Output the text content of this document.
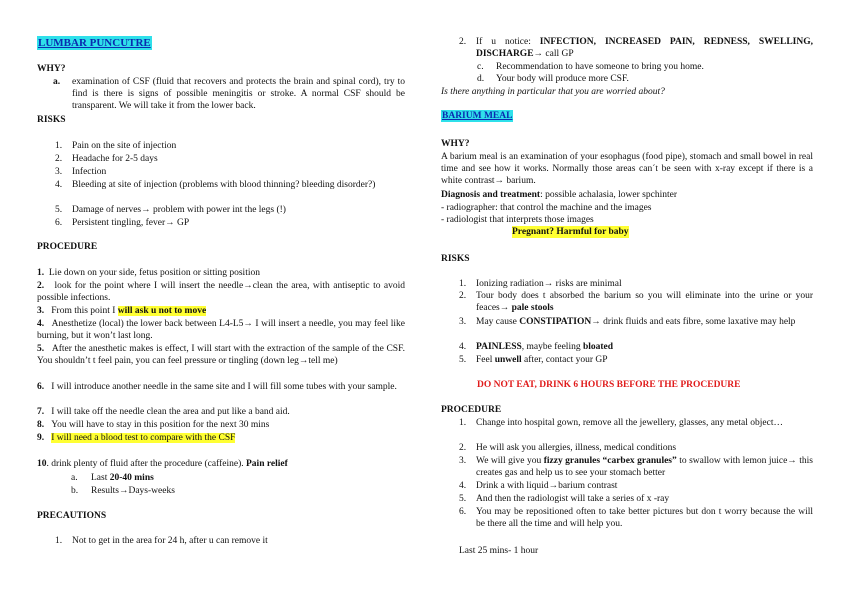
LUMBAR PUNCUTRE
WHY?
a.	examination of CSF (fluid that recovers and protects the brain and spinal cord), try to find is there is signs of possible meningitis or stroke. A normal CSF should be transparent. We will take it from the lower back.
RISKS
1.	Pain on the site of injection
2.	Headache for 2-5 days
3.	Infection
4.	Bleeding at site of injection (problems with blood thinning? bleeding disorder?)
5.	Damage of nerves→ problem with power int the legs (!)
6.	Persistent tingling, fever→ GP
PROCEDURE
1. Lie down on your side, fetus position or sitting position
2. look for the point where I will insert the needle→clean the area, with antiseptic to avoid possible infections.
3. From this point I will ask u not to move
4. Anesthetize (local) the lower back between L4-L5→ I will insert a needle, you may feel like burning, but it won’t last long.
5. After the anesthetic makes is effect, I will start with the extraction of the sample of the CSF. You shouldn’t t feel pain, you can feel pressure or tingling (down leg→tell me)
6. I will introduce another needle in the same site and I will fill some tubes with your sample.
7. I will take off the needle clean the area and put like a band aid.
8. You will have to stay in this position for the next 30 mins
9. I will need a blood test to compare with the CSF
10. drink plenty of fluid after the procedure (caffeine). Pain relief
a.	Last 20-40 mins
b.	Results→Days-weeks
PRECAUTIONS
1.	Not to get in the area for 24 h, after u can remove it
2.	If u notice: INFECTION, INCREASED PAIN, REDNESS, SWELLING, DISCHARGE→ call GP
c.	Recommendation to have someone to bring you home.
d.	Your body will produce more CSF.
Is there anything in particular that you are worried about?
BARIUM MEAL
WHY?
A barium meal is an examination of your esophagus (food pipe), stomach and small bowel in real time and see how it works. Normally those areas can´t be seen with x-ray except if there is a white contrast→ barium.
Diagnosis and treatment: possible achalasia, lower spchinter
- radiographer: that control the machine and the images
- radiologist that interprets those images
Pregnant? Harmful for baby
RISKS
1.	Ionizing radiation→ risks are minimal
2.	Tour body does t absorbed the barium so you will eliminate into the urine or your feaces→ pale stools
3.	May cause CONSTIPATION→ drink fluids and eats fibre, some laxative may help
4.	PAINLESS, maybe feeling bloated
5.	Feel unwell after, contact your GP
DO NOT EAT, DRINK 6 HOURS BEFORE THE PROCEDURE
PROCEDURE
1.	Change into hospital gown, remove all the jewellery, glasses, any metal object…
2.	He will ask you allergies, illness, medical conditions
3.	We will give you fizzy granules “carbex granules” to swallow with lemon juice→ this creates gas and help us to see your stomach better
4.	Drink a with liquid→barium contrast
5.	And then the radiologist will take a series of x -ray
6.	You may be repositioned often to take better pictures but don t worry because the will be there all the time and will help you.
Last 25 mins- 1 hour
